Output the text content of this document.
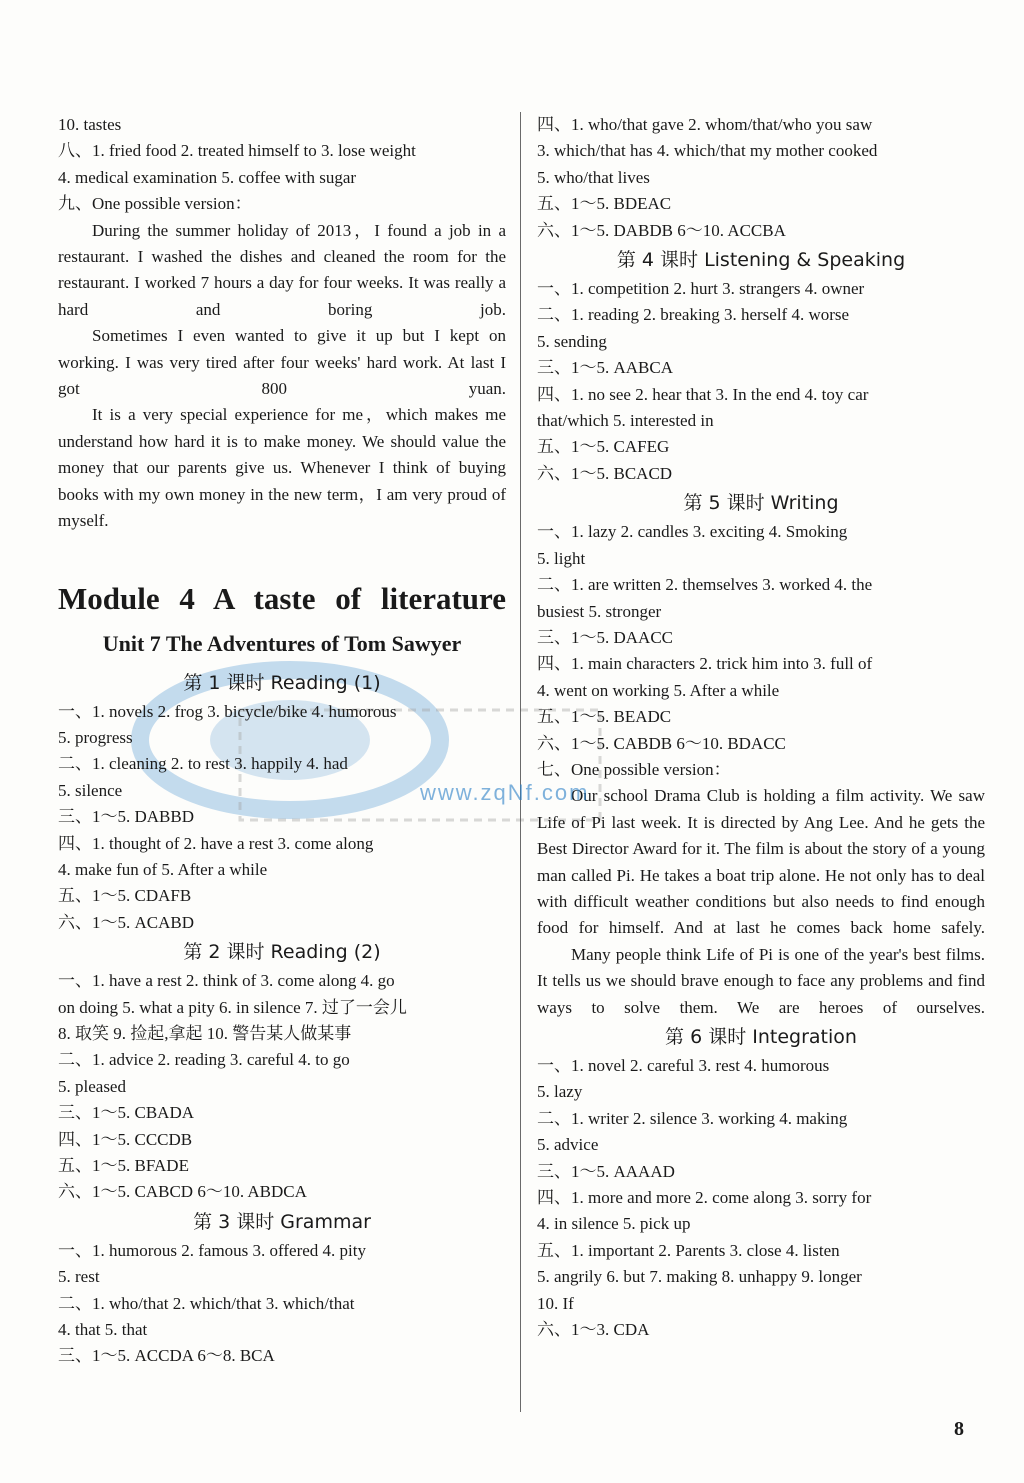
10. tastes
八、1. fried food 2. treated himself to 3. lose weight
4. medical examination 5. coffee with sugar
九、One possible version：
During the summer holiday of 2013，I found a job in a restaurant. I washed the dishes and cleaned the room for the restaurant. I worked 7 hours a day for four weeks. It was really a hard and boring job.
Sometimes I even wanted to give it up but I kept on working. I was very tired after four weeks' hard work. At last I got 800 yuan.
It is a very special experience for me，which makes me understand how hard it is to make money. We should value the money that our parents give us. Whenever I think of buying books with my own money in the new term，I am very proud of myself.
Module 4 A taste of literature
Unit 7 The Adventures of Tom Sawyer
第 1 课时 Reading (1)
一、1. novels 2. frog 3. bicycle/bike 4. humorous
5. progress
二、1. cleaning 2. to rest 3. happily 4. had
5. silence
三、1～5. DABBD
四、1. thought of 2. have a rest 3. come along
4. make fun of 5. After a while
五、1～5. CDAFB
六、1～5. ACABD
第 2 课时 Reading (2)
一、1. have a rest 2. think of 3. come along 4. go
on doing 5. what a pity 6. in silence 7. 过了一会儿
8. 取笑 9. 捡起,拿起 10. 警告某人做某事
二、1. advice 2. reading 3. careful 4. to go
5. pleased
三、1～5. CBADA
四、1～5. CCCDB
五、1～5. BFADE
六、1～5. CABCD 6～10. ABDCA
第 3 课时 Grammar
一、1. humorous 2. famous 3. offered 4. pity
5. rest
二、1. who/that 2. which/that 3. which/that
4. that 5. that
三、1～5. ACCDA 6～8. BCA
四、1. who/that gave 2. whom/that/who you saw
3. which/that has 4. which/that my mother cooked
5. who/that lives
五、1～5. BDEAC
六、1～5. DABDB 6～10. ACCBA
第 4 课时 Listening & Speaking
一、1. competition 2. hurt 3. strangers 4. owner
二、1. reading 2. breaking 3. herself 4. worse
5. sending
三、1～5. AABCA
四、1. no see 2. hear that 3. In the end 4. toy car
that/which 5. interested in
五、1～5. CAFEG
六、1～5. BCACD
第 5 课时 Writing
一、1. lazy 2. candles 3. exciting 4. Smoking
5. light
二、1. are written 2. themselves 3. worked 4. the
busiest 5. stronger
三、1～5. DAACC
四、1. main characters 2. trick him into 3. full of
4. went on working 5. After a while
五、1～5. BEADC
六、1～5. CABDB 6～10. BDACC
七、One possible version：
Our school Drama Club is holding a film activity. We saw Life of Pi last week. It is directed by Ang Lee. And he gets the Best Director Award for it. The film is about the story of a young man called Pi. He takes a boat trip alone. He not only has to deal with difficult weather conditions but also needs to find enough food for himself. And at last he comes back home safely.
Many people think Life of Pi is one of the year's best films. It tells us we should brave enough to face any problems and find ways to solve them. We are heroes of ourselves.
第 6 课时 Integration
一、1. novel 2. careful 3. rest 4. humorous
5. lazy
二、1. writer 2. silence 3. working 4. making
5. advice
三、1～5. AAAAD
四、1. more and more 2. come along 3. sorry for
4. in silence 5. pick up
五、1. important 2. Parents 3. close 4. listen
5. angrily 6. but 7. making 8. unhappy 9. longer
10. If
六、1～3. CDA
www.zqNf.com
8
